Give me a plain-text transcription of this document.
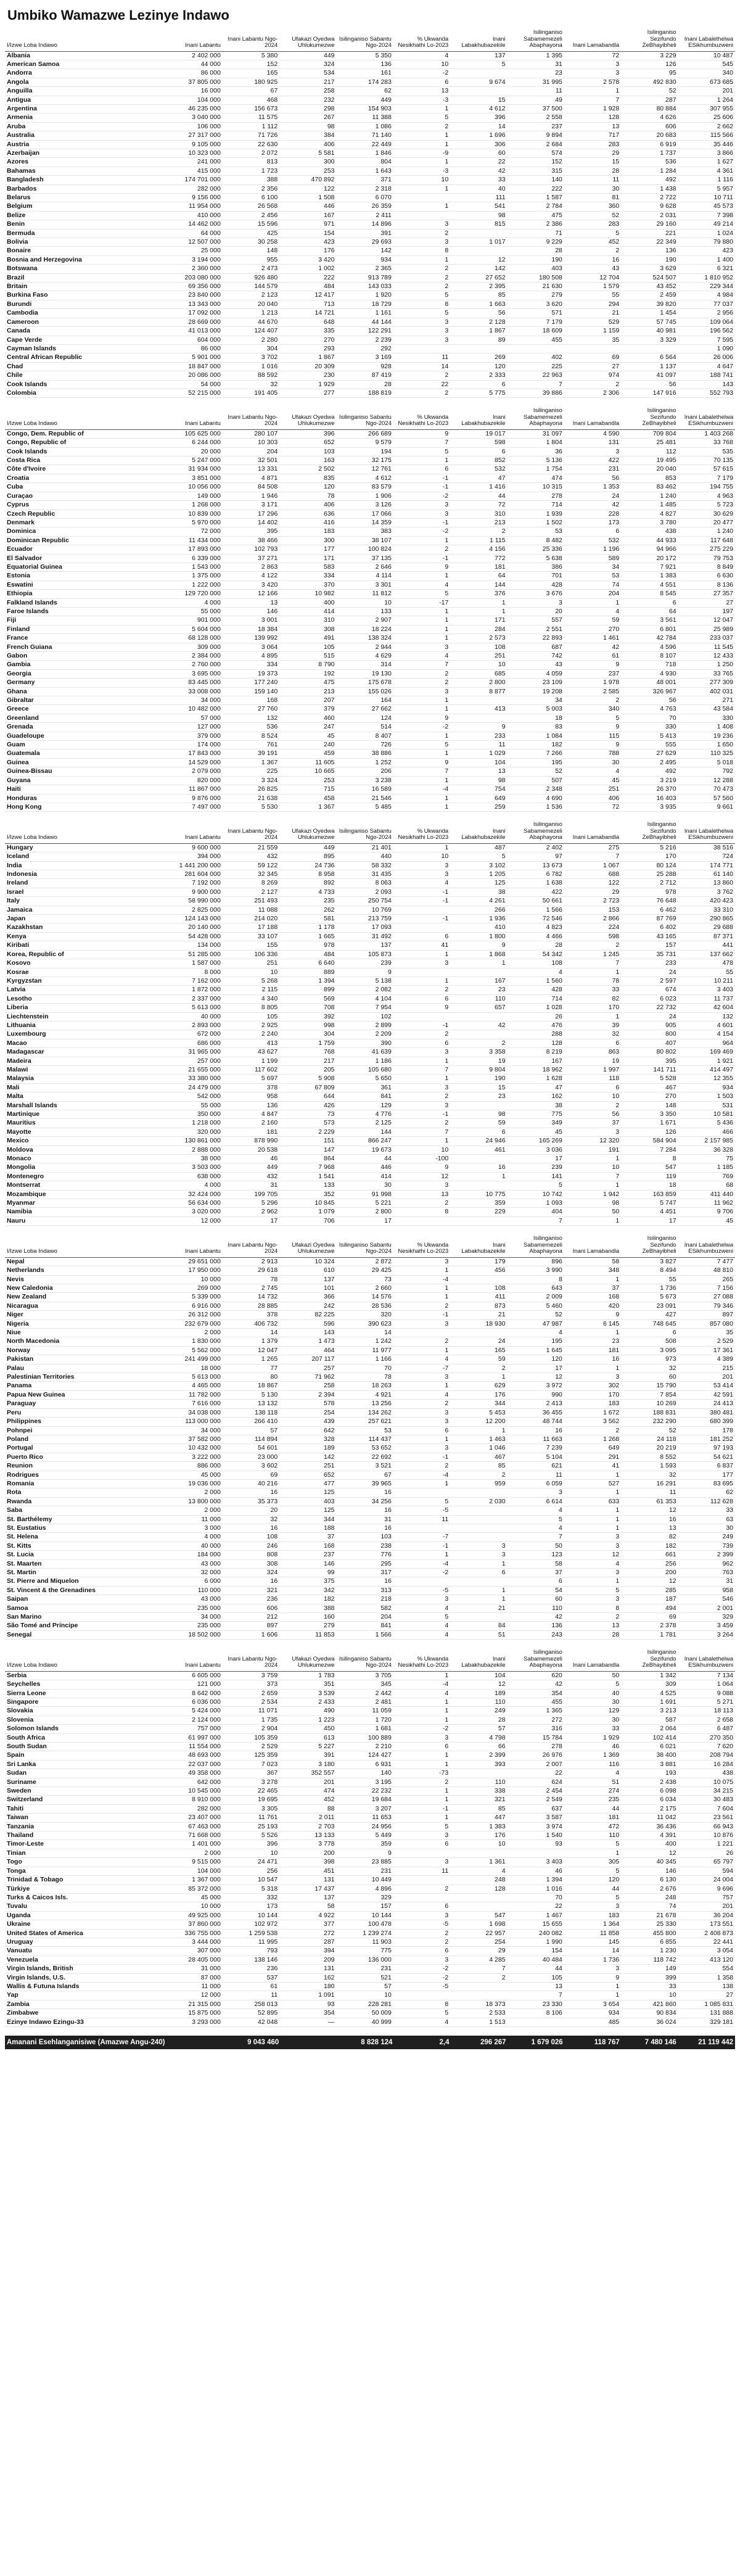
Umbiko Wamazwe Lezinye Indawo
I/Izwe Loba Indawo	Inani Labantu	Inani Labantu Ngo-2024	Ufakazi Oyedwa Uhlukumezwe	Isilinganiso Sabantu Ngo-2024	% Ukwanda Nesikhathi Lo-2023	Inani Labakhubazekile	Isilinganiso Sabamemezeli Abaphayona	Inani Lamabandla	Isilinganiso Sezifundo ZeBhayibheli	Inani Labalethelwa ESikhumbuzweni
Albania	2 402 000	5 380	449	5 350	4	137	1 395	72	3 229	10 487
American Samoa	44 000	152	324	136	10	5	31	3	126	545
Andorra	86 000	165	534	161	-2		23	3	95	340
Angola	37 805 000	180 925	217	174 283	6	9 674	31 995	2 578	492 830	673 685
Anguilla	16 000	67	258	62	13		11	1	52	201
Antigua	104 000	468	232	449	-3	15	49	7	287	1 264
Argentina	46 235 000	156 673	298	154 903	1	4 612	37 500	1 928	80 884	307 955
Armenia	3 040 000	11 575	267	11 388	5	396	2 558	128	4 626	25 606
Aruba	106 000	1 112	98	1 086	2	14	237	13	606	2 662
Australia	27 317 000	71 726	384	71 140	1	1 696	9 894	717	20 683	115 566
Austria	9 105 000	22 630	406	22 449	1	306	2 684	283	6 919	35 446
Azerbaijan	10 323 000	2 072	5 581	1 846	-9	60	574	29	1 737	3 866
Azores	241 000	813	300	804	1	22	152	15	536	1 627
Bahamas	415 000	1 723	253	1 643	-3	42	315	28	1 284	4 361
Bangladesh	174 701 000	388	470 892	371	10	33	140	11	492	1 116
Barbados	282 000	2 356	122	2 318	1	40	222	30	1 438	5 957
Belarus	9 156 000	6 100	1 508	6 070		111	1 587	81	2 722	10 711
Belgium	11 954 000	26 568	446	26 359	1	541	2 784	360	9 628	45 573
Belize	410 000	2 456	167	2 411		98	475	52	2 031	7 398
Benin	14 462 000	15 596	971	14 896	3	815	2 386	283	29 160	49 214
Bermuda	64 000	425	154	391	2		71	5	221	1 024
Bolivia	12 507 000	30 258	423	29 693	3	1 017	9 229	452	22 349	79 880
Bonaire	25 000	148	176	142	8		28	2	136	423
Bosnia and Herzegovina	3 194 000	955	3 420	934	1	12	190	16	190	1 400
Botswana	2 360 000	2 473	1 002	2 365	2	142	403	43	3 629	6 321
Brazil	203 080 000	926 480	222	913 789	2	27 652	180 508	12 704	524 507	1 810 952
Britain	69 356 000	144 579	484	143 033	2	2 395	21 630	1 579	43 452	229 344
Burkina Faso	23 840 000	2 123	12 417	1 920	5	85	279	55	2 459	4 984
Burundi	13 343 000	20 040	713	18 729	8	1 663	3 620	294	39 820	77 037
Cambodia	17 092 000	1 213	14 721	1 161	5	56	571	21	1 454	2 956
Cameroon	28 669 000	44 670	648	44 144	3	2 128	7 179	529	57 745	109 064
Canada	41 013 000	124 407	335	122 291	3	1 867	18 609	1 159	40 981	196 562
Cape Verde	604 000	2 280	270	2 239	3	89	455	35	3 329	7 595
Cayman Islands	86 000	304	293	292						1 090
Central African Republic	5 901 000	3 702	1 867	3 169	11	269	402	69	6 564	26 006
Chad	18 847 000	1 016	20 309	928	14	120	225	27	1 137	4 647
Chile	20 086 000	88 592	230	87 419	2	2 333	22 963	974	41 097	188 741
Cook Islands	54 000	32	1 929	28	22	6	7	2	56	143
Colombia	52 215 000	191 405	277	188 819	2	5 775	39 886	2 306	147 916	552 793
I/Izwe Loba Indawo	Inani Labantu	Inani Labantu Ngo-2024	Ufakazi Oyedwa Uhlukumezwe	Isilinganiso Sabantu Ngo-2024	% Ukwanda Nesikhathi Lo-2023	Inani Labakhubazekile	Isilinganiso Sabamemezeli Abaphayona	Inani Lamabandla	Isilinganiso Sezifundo ZeBhayibheli	Inani Labalethelwa ESikhumbuzweni
Congo, Dem. Republic of	105 625 000	280 107	396	266 689	9	19 017	31 097	4 590	709 804	1 403 268
Congo, Republic of	6 244 000	10 303	652	9 579	7	598	1 804	131	25 481	33 768
Cook Islands	20 000	204	103	194	5	6	36	3	112	535
Costa Rica	5 247 000	32 501	163	32 175	1	852	5 136	422	19 495	70 135
Côte d'Ivoire	31 934 000	13 331	2 502	12 761	6	532	1 754	231	20 040	57 615
Croatia	3 851 000	4 871	835	4 612	-1	47	474	56	853	7 179
Cuba	10 056 000	84 508	120	83 579	-1	1 416	10 315	1 353	83 462	194 755
Curaçao	149 000	1 946	78	1 906	-2	44	278	24	1 240	4 963
Cyprus	1 268 000	3 171	406	3 126	3	72	714	42	1 485	5 723
Czech Republic	10 839 000	17 296	636	17 066	3	310	1 939	228	4 827	30 629
Denmark	5 970 000	14 402	416	14 359	-1	213	1 502	173	3 780	20 477
Dominica	72 000	395	183	383	-2	2	53	6	438	1 240
Dominican Republic	11 434 000	38 466	300	38 107	1	1 115	8 482	532	44 933	117 648
Ecuador	17 893 000	102 793	177	100 824	2	4 156	25 336	1 196	94 966	275 229
El Salvador	6 339 000	37 271	171	37 135	-1	772	5 638	589	20 172	79 753
Equatorial Guinea	1 543 000	2 863	583	2 646	9	181	386	34	7 921	8 849
Estonia	1 375 000	4 122	334	4 114	1	64	701	53	1 383	6 630
Eswatini	1 222 000	3 420	370	3 301	4	144	428	74	4 551	8 136
Ethiopia	129 720 000	12 166	10 982	11 812	5	376	3 676	204	8 545	27 357
Falkland Islands	4 000	13	400	10	-17	1	3	1	6	27
Faroe Islands	55 000	146	414	133	1	1	20	4	64	197
Fiji	901 000	3 001	310	2 907	1	171	557	59	3 561	12 047
Finland	5 604 000	18 384	308	18 224	1	284	2 551	270	6 801	25 989
France	68 128 000	139 992	491	138 324	1	2 573	22 893	1 461	42 784	233 037
French Guiana	309 000	3 064	105	2 944	3	108	687	42	4 596	11 545
Gabon	2 384 000	4 895	515	4 629	4	251	742	61	8 107	12 433
Gambia	2 760 000	334	8 790	314	7	10	43	9	718	1 250
Georgia	3 695 000	19 373	192	19 130	2	685	4 059	237	4 930	33 765
Germany	83 445 000	177 240	475	175 678	2	2 800	23 109	1 978	48 001	277 309
Ghana	33 008 000	159 140	213	155 026	3	8 877	19 208	2 585	326 967	402 031
Gibraltar	34 000	168	207	164	1		34	2	56	271
Greece	10 482 000	27 760	379	27 662	1	413	5 003	340	4 763	43 584
Greenland	57 000	132	460	124	9		18	5	70	330
Grenada	127 000	536	247	514	-2	9	83	9	330	1 408
Guadeloupe	379 000	8 524	45	8 407	1	233	1 084	115	5 413	19 236
Guam	174 000	761	240	726	5	11	182	9	555	1 650
Guatemala	17 843 000	39 191	459	38 886	1	1 029	7 266	788	27 629	110 325
Guinea	14 529 000	1 367	11 605	1 252	9	104	195	30	2 495	5 018
Guinea-Bissau	2 079 000	225	10 665	206	7	13	52	4	492	792
Guyana	820 000	3 324	253	3 238	1	98	507	45	3 219	12 288
Haiti	11 867 000	26 825	715	16 589	-4	754	2 348	251	26 370	70 473
Honduras	9 876 000	21 638	458	21 546	1	649	4 690	406	16 403	57 560
Hong Kong	7 497 000	5 530	1 367	5 485	1	259	1 536	72	3 935	9 661
I/Izwe Loba Indawo	Inani Labantu	Inani Labantu Ngo-2024	Ufakazi Oyedwa Uhlukumezwe	Isilinganiso Sabantu Ngo-2024	% Ukwanda Nesikhathi Lo-2023	Inani Labakhubazekile	Isilinganiso Sabamemezeli Abaphayona	Inani Lamabandla	Isilinganiso Sezifundo ZeBhayibheli	Inani Labalethelwa ESikhumbuzweni
Hungary	9 600 000	21 559	449	21 401	1	487	2 402	275	5 216	38 516
Iceland	394 000	432	895	440	10	5	97	7	170	724
India	1 441 200 000	59 122	24 736	58 332	3	3 102	13 673	1 067	80 124	174 771
Indonesia	281 604 000	32 345	8 958	31 435	3	1 205	6 782	688	25 288	61 140
Ireland	7 192 000	8 269	892	8 063	4	125	1 638	122	2 712	13 860
Israel	9 900 000	2 127	4 733	2 093	-1	38	422	29	978	3 762
Italy	58 990 000	251 493	235	250 754	-1	4 261	50 661	2 723	76 648	420 423
Jamaica	2 825 000	11 088	262	10 769		266	1 566	153	6 462	33 310
Japan	124 143 000	214 020	581	213 759	-1	1 936	72 546	2 866	87 769	290 865
Kazakhstan	20 140 000	17 188	1 178	17 093		410	4 823	224	6 402	29 688
Kenya	54 428 000	33 107	1 665	31 492	6	1 800	4 466	598	43 165	87 371
Kiribati	134 000	155	978	137	41	9	28	2	157	441
Korea, Republic of	51 285 000	106 336	484	105 873	1	1 868	54 342	1 245	35 731	137 662
Kosovo	1 587 000	251	6 640	239	3	1	108	7	233	478
Kosrae	8 000	10	889	9			4	1	24	55
Kyrgyzstan	7 162 000	5 268	1 394	5 138	1	167	1 560	78	2 597	10 211
Latvia	1 872 000	2 115	899	2 082	2	23	428	33	674	3 403
Lesotho	2 337 000	4 340	569	4 104	6	110	714	82	6 023	11 737
Liberia	5 613 000	8 805	708	7 954	9	657	1 028	170	22 732	42 604
Liechtenstein	40 000	105	392	102			26	1	24	132
Lithuania	2 893 000	2 925	998	2 899	-1	42	476	39	905	4 601
Luxembourg	672 000	2 240	304	2 209	2		288	32	800	4 154
Macao	686 000	413	1 759	390	6	2	128	6	407	964
Madagascar	31 965 000	43 627	768	41 639	3	3 358	8 219	863	80 802	169 469
Madeira	257 000	1 199	217	1 186	1	19	167	19	395	1 921
Malawi	21 655 000	117 602	205	105 680	7	9 804	18 962	1 997	141 711	414 497
Malaysia	33 380 000	5 697	5 908	5 650	1	190	1 628	118	5 528	12 355
Mali	24 479 000	378	67 809	361	3	15	47	6	467	934
Malta	542 000	958	644	841	2	23	162	10	270	1 503
Marshall Islands	55 000	136	426	129	3		38	2	148	531
Martinique	350 000	4 847	73	4 776	-1	98	775	56	3 350	10 581
Mauritius	1 218 000	2 160	573	2 125	2	59	349	37	1 671	5 436
Mayotte	320 000	181	2 229	144	7	6	45	3	126	466
Mexico	130 861 000	878 990	151	866 247	1	24 946	165 269	12 320	584 904	2 157 985
Moldova	2 888 000	20 538	147	19 673	10	461	3 036	191	7 284	36 328
Monaco	38 000	46	864	44	-100		17	1	8	75
Mongolia	3 503 000	449	7 968	446	9	16	239	10	547	1 185
Montenegro	638 000	432	1 541	414	12	1	141	7	119	769
Montserrat	4 000	31	133	30	3		5	1	18	68
Mozambique	32 424 000	199 705	352	91 998	13	10 775	10 742	1 942	163 859	411 440
Myanmar	56 634 000	5 296	10 845	5 221	2	359	1 093	98	5 747	11 962
Namibia	3 020 000	2 962	1 079	2 800	8	229	404	50	4 451	9 706
Nauru	12 000	17	706	17			7	1	17	45
I/Izwe Loba Indawo	Inani Labantu	Inani Labantu Ngo-2024	Ufakazi Oyedwa Uhlukumezwe	Isilinganiso Sabantu Ngo-2024	% Ukwanda Nesikhathi Lo-2023	Inani Labakhubazekile	Isilinganiso Sabamemezeli Abaphayona	Inani Lamabandla	Isilinganiso Sezifundo ZeBhayibheli	Inani Labalethelwa ESikhumbuzweni
Nepal	29 651 000	2 913	10 324	2 872	3	179	896	58	3 827	7 477
Netherlands	17 950 000	29 618	610	29 425	1	456	3 990	348	8 494	48 810
Nevis	10 000	78	137	73	-4		8	1	55	265
New Caledonia	269 000	2 745	101	2 660	1	108	643	37	1 736	7 156
New Zealand	5 339 000	14 732	366	14 576	1	411	2 009	168	5 673	27 088
Nicaragua	6 916 000	28 885	242	28 536	2	873	5 460	420	23 091	79 346
Niger	26 312 000	378	82 225	320	-1	21	52	9	427	897
Nigeria	232 679 000	406 732	596	390 623	3	18 930	47 987	6 145	748 645	857 080
Niue	2 000	14	143	14			4	1	6	35
North Macedonia	1 830 000	1 379	1 473	1 242	2	24	195	23	508	2 529
Norway	5 562 000	12 047	464	11 977	1	165	1 645	181	3 095	17 361
Pakistan	241 499 000	1 265	207 117	1 166	4	59	120	16	973	4 389
Palau	18 000	77	257	70	-7	2	17	1	32	215
Palestinian Territories	5 613 000	80	71 962	78	3	1	12	3	60	201
Panama	4 465 000	18 867	258	18 263	1	629	3 972	302	15 790	53 414
Papua New Guinea	11 782 000	5 130	2 394	4 921	4	176	990	170	7 854	42 591
Paraguay	7 616 000	13 132	578	13 256	2	344	2 413	183	10 269	24 413
Peru	34 038 000	138 118	254	134 262	3	5 453	36 455	1 672	188 831	380 481
Philippines	113 000 000	266 410	439	257 621	3	12 200	48 744	3 562	232 290	680 399
Pohnpei	34 000	57	642	53	6	1	16	2	52	178
Poland	37 582 000	114 894	328	114 437	1	1 463	11 663	1 268	24 118	181 252
Portugal	10 432 000	54 601	189	53 652	3	1 046	7 239	649	20 219	97 193
Puerto Rico	3 222 000	23 000	142	22 692	-1	467	5 104	291	8 552	54 621
Reunion	886 000	3 602	251	3 521	2	85	621	41	1 593	6 837
Rodrigues	45 000	69	652	67	-4	2	11	1	32	177
Romania	19 036 000	40 216	477	39 965	1	959	6 059	527	16 291	83 695
Rota	2 000	16	125	16			3	1	11	62
Rwanda	13 800 000	35 373	403	34 256	5	2 030	6 614	633	61 353	112 628
Saba	2 000	20	125	16	-5		4	1	12	33
St. Barthélemy	11 000	32	344	31	11		5	1	16	63
St. Eustatius	3 000	16	188	16			4	1	13	30
St. Helena	4 000	108	37	103	-7		7	3	82	249
St. Kitts	40 000	246	168	238	-1	3	50	3	182	739
St. Lucia	184 000	808	237	776	1	3	123	12	661	2 399
St. Maarten	43 000	308	146	295	-4	1	58	4	256	962
St. Martin	32 000	324	99	317	-2	6	37	3	200	763
St. Pierre and Miquelon	6 000	16	375	16			6	1	12	31
St. Vincent & the Grenadines	110 000	321	342	313	-5	1	54	5	285	958
Saipan	43 000	236	182	218	3	1	60	3	187	546
Samoa	235 000	606	388	582	4	21	110	8	494	2 001
San Marino	34 000	212	160	204	5		42	2	69	329
São Tomé and Príncipe	235 000	897	279	841	4	84	136	13	2 378	3 459
Senegal	18 502 000	1 606	11 853	1 566	4	51	243	28	1 781	3 264
I/Izwe Loba Indawo	Inani Labantu	Inani Labantu Ngo-2024	Ufakazi Oyedwa Uhlukumezwe	Isilinganiso Sabantu Ngo-2024	% Ukwanda Nesikhathi Lo-2023	Inani Labakhubazekile	Isilinganiso Sabamemezeli Abaphayona	Inani Lamabandla	Isilinganiso Sezifundo ZeBhayibheli	Inani Labalethelwa ESikhumbuzweni
Serbia	6 605 000	3 759	1 783	3 705	1	104	620	50	1 342	7 134
Seychelles	121 000	373	351	345	-4	12	42	5	309	1 064
Sierra Leone	8 642 000	2 659	3 539	2 442	4	189	354	40	4 525	9 088
Singapore	6 036 000	2 534	2 433	2 481	1	110	455	30	1 691	5 271
Slovakia	5 424 000	11 071	490	11 059	1	249	1 365	129	3 213	18 113
Slovenia	2 124 000	1 735	1 223	1 720	1	28	272	30	587	2 658
Solomon Islands	757 000	2 904	450	1 681	-2	57	316	33	2 064	6 487
South Africa	61 997 000	105 359	613	100 889	3	4 798	15 784	1 929	102 414	270 350
South Sudan	11 554 000	2 529	5 227	2 210	6	66	278	46	6 021	7 620
Spain	48 693 000	125 359	391	124 427	1	2 399	26 976	1 369	38 400	208 794
Sri Lanka	22 037 000	7 023	3 180	6 931	1	393	2 007	116	3 881	16 284
Sudan	49 358 000	367	352 557	140	-73		22	4	193	438
Suriname	642 000	3 278	201	3 195	2	110	624	51	2 438	10 075
Sweden	10 545 000	22 465	474	22 232	1	338	2 454	274	6 098	34 215
Switzerland	8 910 000	19 695	452	19 684	1	321	2 549	235	6 034	30 483
Tahiti	282 000	3 305	88	3 207	-1	85	637	44	2 175	7 604
Taiwan	23 407 000	11 761	2 011	11 653	1	447	3 587	181	11 042	23 561
Tanzania	67 463 000	25 193	2 703	24 956	5	1 383	3 974	472	36 436	66 943
Thailand	71 668 000	5 526	13 133	5 449	3	176	1 540	110	4 391	10 876
Timor-Leste	1 401 000	396	3 778	359	6	10	93	5	400	1 221
Tinian	2 000	10	200	9				1	12	26
Togo	9 515 000	24 471	398	23 885	3	1 361	3 403	305	40 345	65 797
Tonga	104 000	256	451	231	11	4	46	5	146	594
Trinidad & Tobago	1 367 000	10 547	131	10 449		248	1 394	120	6 130	24 004
Türkiye	85 372 000	5 318	17 437	4 896	2	128	1 016	44	2 676	9 696
Turks & Caicos Isls.	45 000	332	137	329			70	5	248	757
Tuvalu	10 000	173	58	157	6		22	3	74	201
Uganda	49 925 000	10 144	4 922	10 144	3	547	1 467	183	21 678	36 204
Ukraine	37 860 000	102 972	377	100 478	-5	1 698	15 655	1 364	25 330	173 551
United States of America	336 755 000	1 259 538	272	1 239 274	2	22 957	240 082	11 858	455 800	2 408 873
Uruguay	3 444 000	11 995	287	11 903	2	254	1 990	145	6 855	22 441
Vanuatu	307 000	793	394	775	6	29	154	14	1 230	3 054
Venezuela	28 405 000	138 146	209	136 000	3	4 285	40 484	1 736	118 742	413 120
Virgin Islands, British	31 000	236	131	231	-2	7	44	3	149	554
Virgin Islands, U.S.	87 000	537	162	521	-2	2	105	9	399	1 358
Wallis & Futuna Islands	11 000	61	180	57	-5		13	1	33	138
Yap	12 000	11	1 091	10			7	1	10	27
Zambia	21 315 000	258 013	93	228 281	8	18 373	23 330	3 654	421 860	1 085 831
Zimbabwe	15 875 000	52 895	354	50 009	5	2 533	8 106	934	90 834	131 888
Ezinye Indawo Ezingu-33	3 293 000	42 048	—	40 999	4	1 513		485	36 024	329 181
Amanani Esehlanganisiwe (Amazwe Angu-240)	9 043 460		8 828 124	2,4	296 267	1 679 026	118 767	7 480 146	21 119 442
